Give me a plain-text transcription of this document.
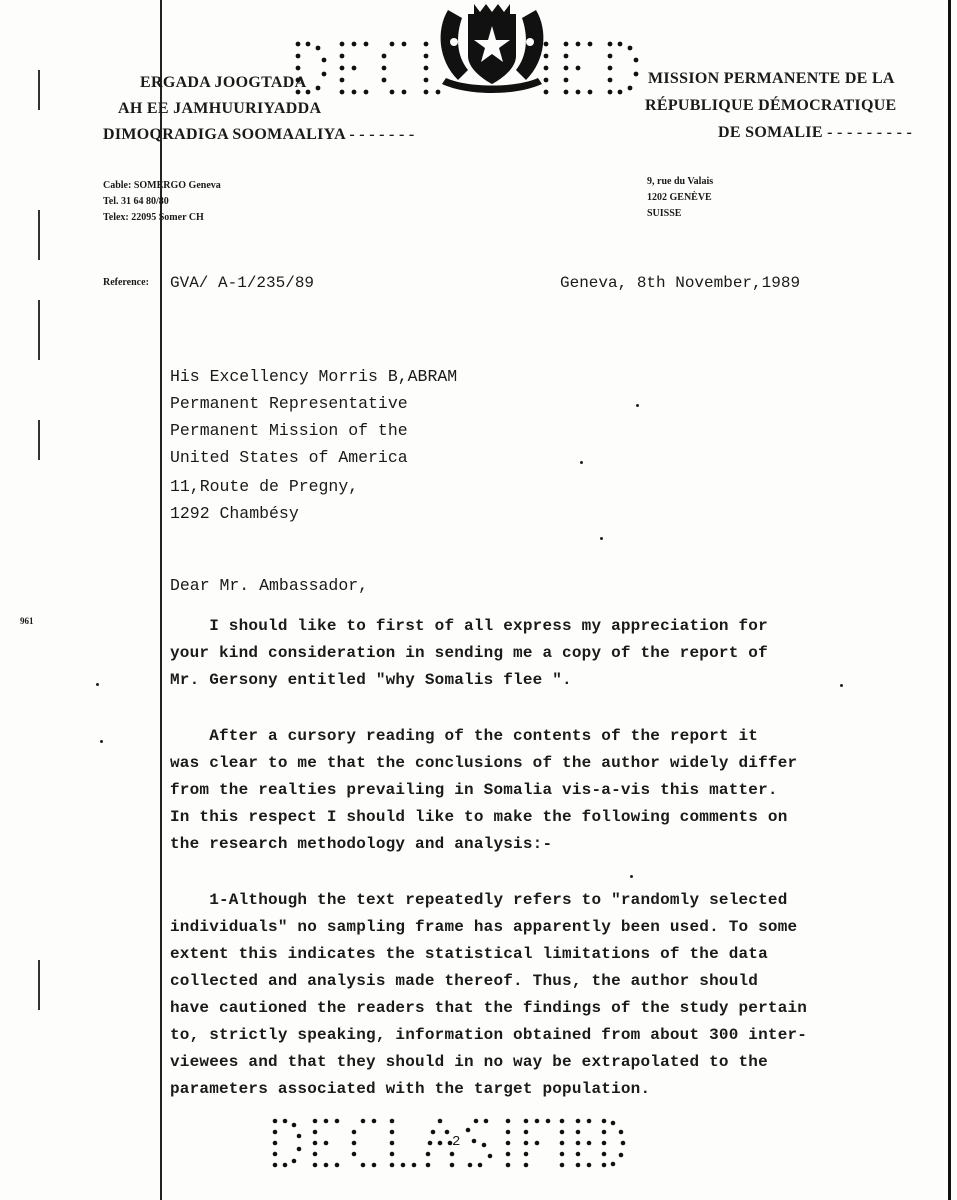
ERGADA JOOGTADA
AH EE JAMHUURIYADDA
DIMOQRADIGA SOOMAALIYA - - - - - - -
MISSION PERMANENTE DE LA
RÉPUBLIQUE DÉMOCRATIQUE
DE SOMALIE - - - - - - - - -
Cable: SOMERGO Geneva
Tel. 31 64 80/80
Telex: 22095 Somer CH
9, rue du Valais
1202 GENÈVE
SUISSE
Reference: GVA/ A-1/235/89	Geneva, 8th November,1989
His Excellency Morris B,ABRAM
Permanent Representative
Permanent Mission of the
United States of America
11,Route de Pregny,
1292 Chambésy
Dear Mr. Ambassador,
I should like to first of all express my appreciation for
your kind consideration in sending me a copy of the report of
Mr. Gersony entitled "why Somalis flee ".
After a cursory reading of the contents of the report it
was clear to me that the conclusions of the author widely differ
from the realties prevailing in Somalia vis-a-vis this matter.
In this respect I should like to make the following comments on
the research methodology and analysis:-
1-Although the text repeatedly refers to "randomly selected
individuals" no sampling frame has apparently been used. To some
extent this indicates the statistical limitations of the data
collected and analysis made thereof. Thus, the author should
have cautioned the readers that the findings of the study pertain
to, strictly speaking, information obtained from about 300 inter-
viewees and that they should in no way be extrapolated to the
parameters associated with the target population.
961
2
